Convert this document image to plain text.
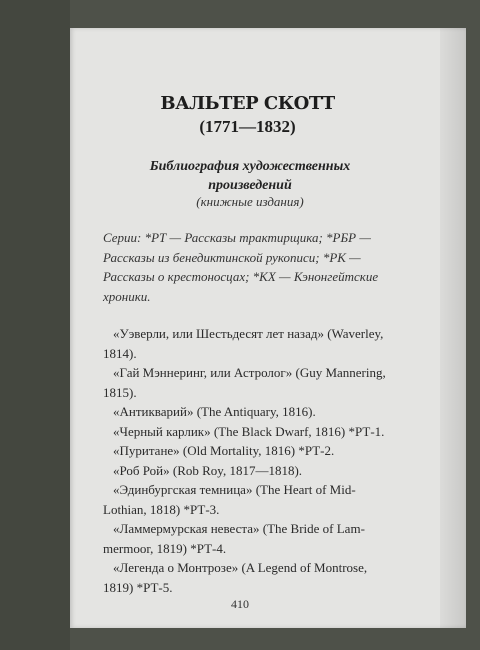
ВАЛЬТЕР СКОТТ
(1771—1832)
Библиография художественных
произведений
(книжные издания)
Серии: *РТ — Рассказы трактирщика; *РБР —
Рассказы из бенедиктинской рукописи; *РК —
Рассказы о крестоносцах; *КХ — Кэнонгейтские
хроники.
«Уэверли, или Шестьдесят лет назад» (Waverley,
1814).
«Гай Мэннеринг, или Астролог» (Guy Mannering,
1815).
«Антикварий» (The Antiquary, 1816).
«Черный карлик» (The Black Dwarf, 1816) *РТ-1.
«Пуритане» (Old Mortality, 1816) *РТ-2.
«Роб Рой» (Rob Roy, 1817—1818).
«Эдинбургская темница» (The Heart of Mid-
Lothian, 1818) *РТ-3.
«Ламмермурская невеста» (The Bride of Lam-
mermoor, 1819) *РТ-4.
«Легенда о Монтрозе» (A Legend of Montrose,
1819) *РТ-5.
410
